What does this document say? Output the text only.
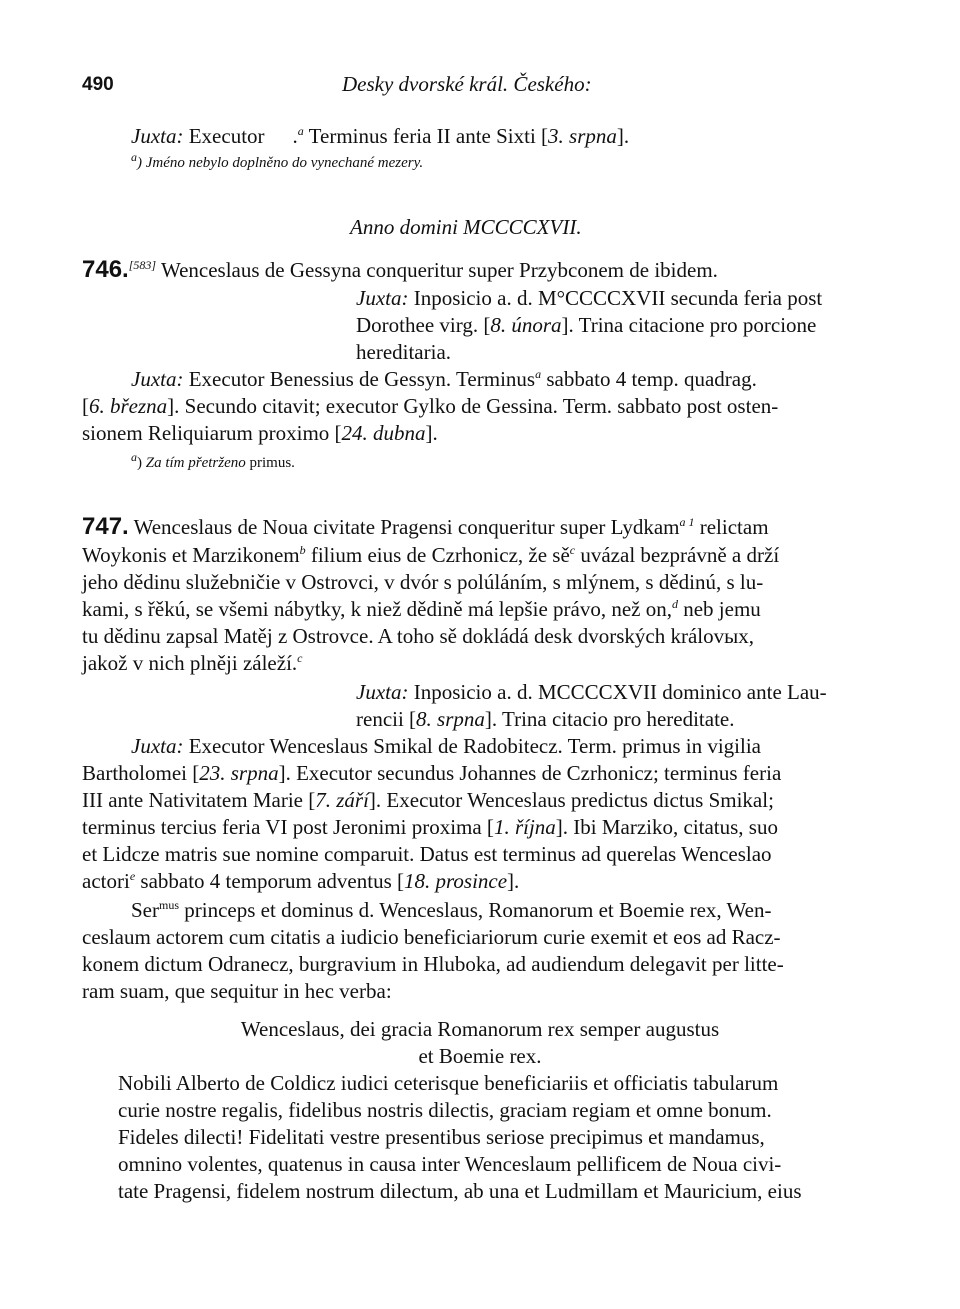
490	Desky dvorské král. Českého:
Juxta: Executor .$^a$ Terminus feria II ante Sixti [3. srpna].
$^a$) Jméno nebylo doplněno do vynechané mezery.
Anno domini MCCCCXVII.
746.[583] Wenceslaus de Gessyna conqueritur super Przybconem de ibidem.
Juxta: Inposicio a. d. M°CCCCXVII secunda feria post
Dorothee virg. [8. února]. Trina citacione pro porcione
hereditaria.
Juxta: Executor Benessius de Gessyn. Terminus$^a$ sabbato 4 temp. quadrag.
[6. března]. Secundo citavit; executor Gylko de Gessina. Term. sabbato post osten-
sionem Reliquiarum proximo [24. dubna].
$^a$) Za tím přetrženo primus.
747. Wenceslaus de Noua civitate Pragensi conqueritur super Lydkam$^{a 1}$ relictam
Woykonis et Marzikonem$^b$ filium eius de Czrhonicz, že $sě^c$ uvázal bezprávně a drží
jeho dědinu služebničie v Ostrovci, v dvór s polúláním, s mlýnem, s dědinú, s lu-
kami, s řěkú, se všemi nábytky, k niež dědině má lepšie právo, než on,$^d$ neb jemu
tu dědinu zapsal Matěj z Ostrovce. A toho sě dokládá desk dvorských královых,
jakož v nich plněji záleží.$^c$
Juxta: Inposicio a. d. MCCCCXVII dominico ante Lau-
rencii [8. srpna]. Trina citacio pro hereditate.
Juxta: Executor Wenceslaus Smikal de Radobitecz. Term. primus in vigilia
Bartholomei [23. srpna]. Executor secundus Johannes de Czrhonicz; terminus feria
III ante Nativitatem Marie [7. září]. Executor Wenceslaus predictus dictus Smikal;
terminus tercius feria VI post Jeronimi proxima [1. října]. Ibi Marziko, citatus, suo
et Lidcze matris sue nomine comparuit. Datus est terminus ad querelas Wenceslao
actori$^e$ sabbato 4 temporum adventus [18. prosince].
Ser$^{mus}$ princeps et dominus d. Wenceslaus, Romanorum et Boemie rex, Wen-
ceslaum actorem cum citatis a iudicio beneficiariorum curie exemit et eos ad Racz-
konem dictum Odranecz, burgravium in Hluboka, ad audiendum delegavit per litte-
ram suam, que sequitur in hec verba:
Wenceslaus, dei gracia Romanorum rex semper augustus
et Boemie rex.
Nobili Alberto de Coldicz iudici ceterisque beneficiariis et officiatis tabularum
curie nostre regalis, fidelibus nostris dilectis, graciam regiam et omne bonum.
Fideles dilecti! Fidelitati vestre presentibus seriose precipimus et mandamus,
omnino volentes, quatenus in causa inter Wenceslaum pellificem de Noua civi-
tate Pragensi, fidelem nostrum dilectum, ab una et Ludmillam et Mauricium, eius
